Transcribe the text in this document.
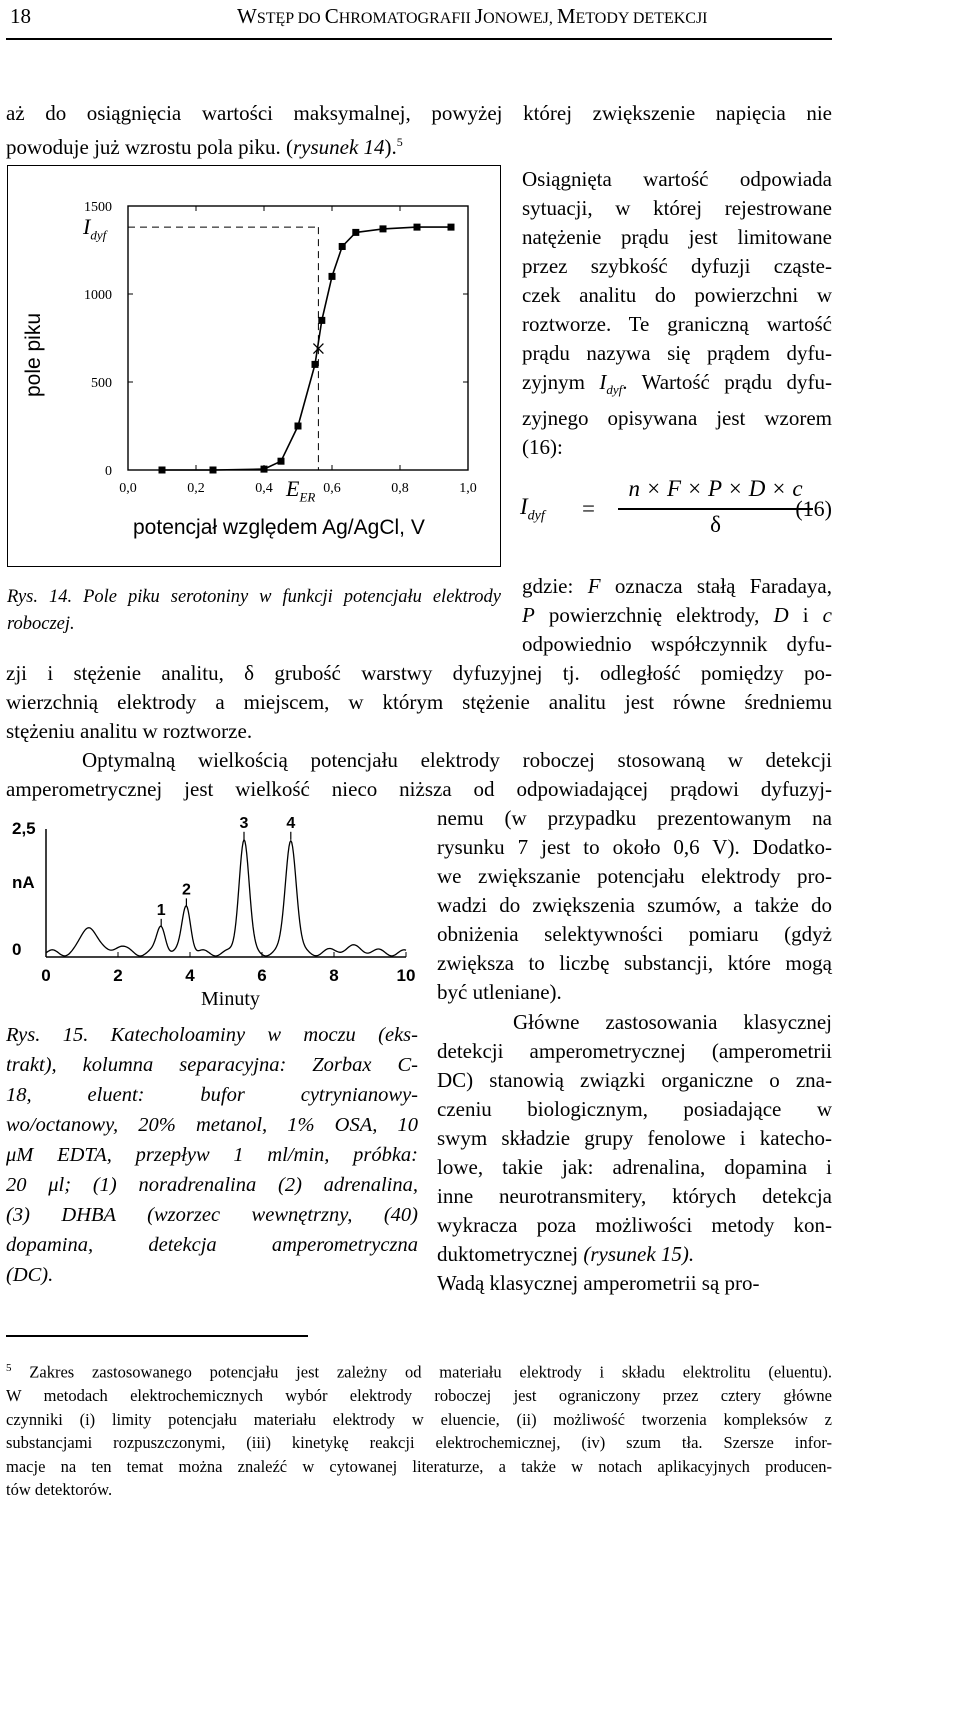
18	WSTĘP DO CHROMATOGRAFII JONOWEJ, METODY DETEKCJI
aż do osiągnięcia wartości maksymalnej, powyżej której zwiększenie napięcia nie
powoduje już wzrostu pola piku. (rysunek 14).$^5$
0,0	0,2	0,4	0,6	0,8	1,0
0
500
1000
1500
pole piku
potencjał względem Ag/AgCl, V
$I_{dyf}$
$E_{ER}$
Rys. 14. Pole piku serotoniny w funkcji potencjału elektrody roboczej.
Osiągnięta wartość odpowiada
sytuacji, w której rejestrowane
natężenie prądu jest limitowane
przez szybkość dyfuzji cząste-
czek analitu do powierzchni w
roztworze. Te graniczną wartość
prądu nazywa się prądem dyfu-
zyjnym $I_{dyf}$. Wartość prądu dyfu-
zyjnego opisywana jest wzorem
(16):
$I_{dyf}$ =
n × F × P × D × c
δ
(16)
gdzie: F oznacza stałą Faradaya,
P powierzchnię elektrody, D i c
odpowiednio współczynnik dyfu-
zji i stężenie analitu, δ grubość warstwy dyfuzyjnej tj. odległość pomiędzy po-
wierzchnią elektrody a miejscem, w którym stężenie analitu jest równe średniemu
stężeniu analitu w roztworze.
Optymalną wielkością potencjału elektrody roboczej stosowaną w detekcji
amperometrycznej jest wielkość nieco niższa od odpowiadającej prądowi dyfuzyj-
0	2	4	6	8	10
2,5
0
nA
1
2
3 4
Minuty
nemu (w przypadku prezentowanym na
rysunku 7 jest to około 0,6 V). Dodatko-
we zwiększanie potencjału elektrody pro-
wadzi do zwiększenia szumów, a także do
obniżenia selektywności pomiaru (gdyż
zwiększa to liczbę substancji, które mogą
być utleniane).
Główne zastosowania klasycznej
detekcji amperometrycznej (amperometrii
DC) stanowią związki organiczne o zna-
czeniu biologicznym, posiadające w
swym składzie grupy fenolowe i katecho-
lowe, takie jak: adrenalina, dopamina i
inne neurotransmitery, których detekcja
wykracza poza możliwości metody kon-
duktometrycznej (rysunek 15).
Wadą klasycznej amperometrii są pro-
Rys. 15. Katecholoaminy w moczu (eks-
trakt), kolumna separacyjna: Zorbax C-
18, eluent: bufor cytrynianowy-
wo/octanowy, 20% metanol, 1% OSA, 10
μM EDTA, przepływ 1 ml/min, próbka:
20 μl; (1) noradrenalina (2) adrenalina,
(3) DHBA (wzorzec wewnętrzny, (40)
dopamina, detekcja amperometryczna
(DC).
$^5$ Zakres zastosowanego potencjału jest zależny od materiału elektrody i składu elektrolitu (eluentu).
W metodach elektrochemicznych wybór elektrody roboczej jest ograniczony przez cztery główne
czynniki (i) limity potencjału materiału elektrody w eluencie, (ii) możliwość tworzenia kompleksów z
substancjami rozpuszczonymi, (iii) kinetykę reakcji elektrochemicznej, (iv) szum tła. Szersze infor-
macje na ten temat można znaleźć w cytowanej literaturze, a także w notach aplikacyjnych producen-
tów detektorów.
